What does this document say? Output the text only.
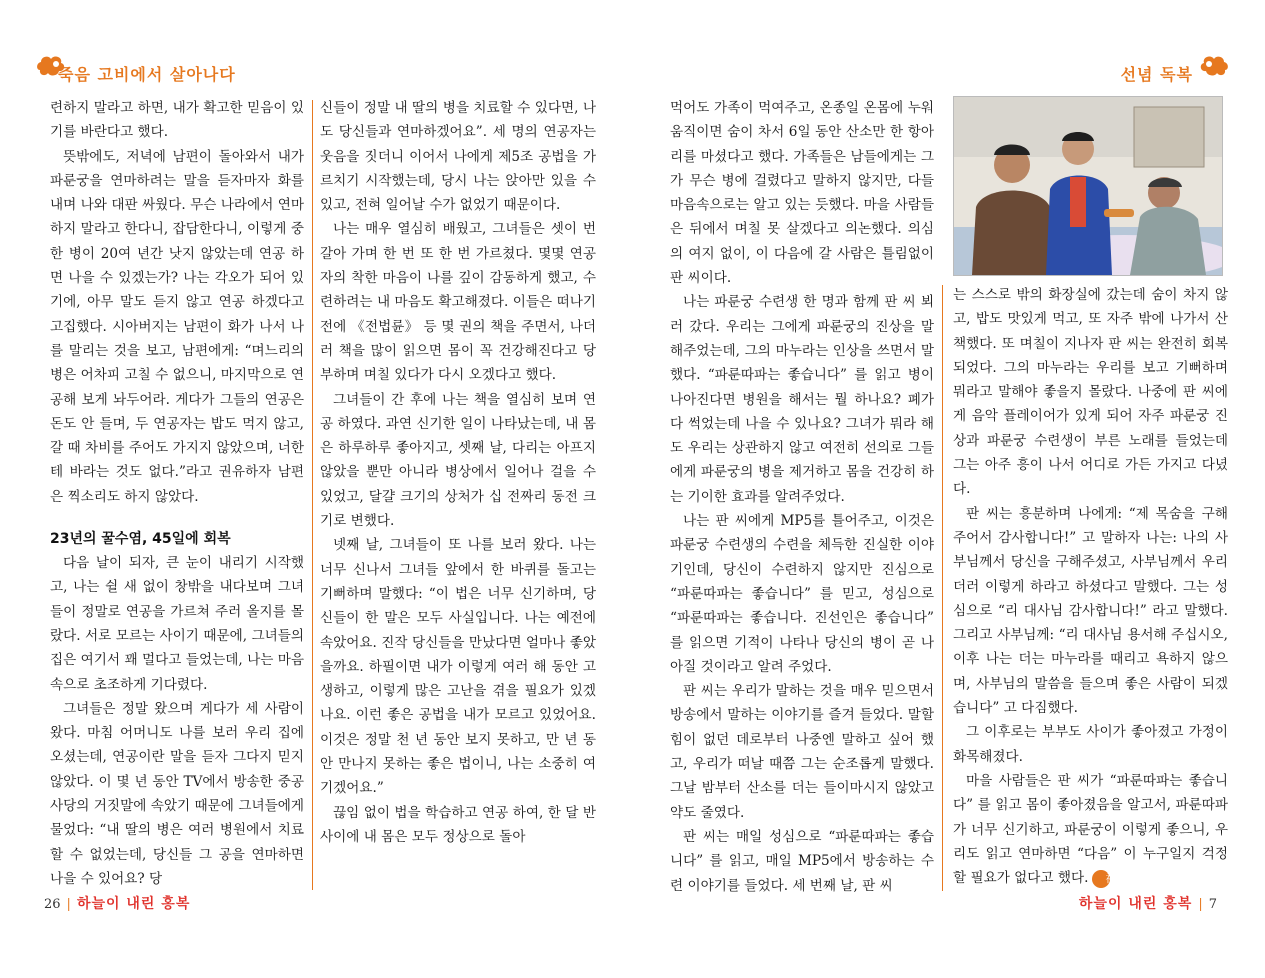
죽음 고비에서 살아나다

련하지 말라고 하면, 내가 확고한 믿음이 있기를 바란다고 했다.

뜻밖에도, 저녁에 남편이 돌아와서 내가 파룬궁을 연마하려는 말을 듣자마자 화를 내며 나와 대판 싸웠다. 무슨 나라에서 연마하지 말라고 한다니, 잡담한다니, 이렇게 중한 병이 20여 년간 낫지 않았는데 연공 하면 나을 수 있겠는가? 나는 각오가 되어 있기에, 아무 말도 듣지 않고 연공 하겠다고 고집했다. 시아버지는 남편이 화가 나서 나를 말리는 것을 보고, 남편에게: “며느리의 병은 어차피 고칠 수 없으니, 마지막으로 연공해 보게 놔두어라. 게다가 그들의 연공은 돈도 안 들며, 두 연공자는 밥도 먹지 않고, 갈 때 차비를 주어도 가지지 않았으며, 너한테 바라는 것도 없다.”라고 권유하자 남편은 찍소리도 하지 않았다.

23년의 꿀수염, 45일에 회복

다음 날이 되자, 큰 눈이 내리기 시작했고, 나는 쉴 새 없이 창밖을 내다보며 그녀들이 정말로 연공을 가르쳐 주러 올지를 몰랐다. 서로 모르는 사이기 때문에, 그녀들의 집은 여기서 꽤 멀다고 들었는데, 나는 마음속으로 초조하게 기다렸다.

그녀들은 정말 왔으며 게다가 세 사람이 왔다. 마침 어머니도 나를 보러 우리 집에 오셨는데, 연공이란 말을 듣자 그다지 믿지 않았다. 이 몇 년 동안 TV에서 방송한 중공사당의 거짓말에 속았기 때문에 그녀들에게 물었다: “내 딸의 병은 여러 병원에서 치료할 수 없었는데, 당신들 그 공을 연마하면 나을 수 있어요? 당

신들이 정말 내 딸의 병을 치료할 수 있다면, 나도 당신들과 연마하겠어요”. 세 명의 연공자는 웃음을 짓더니 이어서 나에게 제5조 공법을 가르치기 시작했는데, 당시 나는 앉아만 있을 수 있고, 전혀 일어날 수가 없었기 때문이다.

나는 매우 열심히 배웠고, 그녀들은 셋이 번갈아 가며 한 번 또 한 번 가르쳤다. 몇몇 연공자의 착한 마음이 나를 깊이 감동하게 했고, 수련하려는 내 마음도 확고해졌다. 이들은 떠나기 전에 《전법륜》 등 몇 권의 책을 주면서, 나더러 책을 많이 읽으면 몸이 꼭 건강해진다고 당부하며 며칠 있다가 다시 오겠다고 했다.

그녀들이 간 후에 나는 책을 열심히 보며 연공 하였다. 과연 신기한 일이 나타났는데, 내 몸은 하루하루 좋아지고, 셋째 날, 다리는 아프지 않았을 뿐만 아니라 병상에서 일어나 걸을 수 있었고, 달걀 크기의 상처가 십 전짜리 동전 크기로 변했다.

넷째 날, 그녀들이 또 나를 보러 왔다. 나는 너무 신나서 그녀들 앞에서 한 바퀴를 돌고는 기뻐하며 말했다: “이 법은 너무 신기하며, 당신들이 한 말은 모두 사실입니다. 나는 예전에 속았어요. 진작 당신들을 만났다면 얼마나 좋았을까요. 하필이면 내가 이렇게 여러 해 동안 고생하고, 이렇게 많은 고난을 겪을 필요가 있겠나요. 이런 좋은 공법을 내가 모르고 있었어요. 이것은 정말 천 년 동안 보지 못하고, 만 년 동안 만나지 못하는 좋은 법이니, 나는 소중히 여기겠어요.”

끊임 없이 법을 학습하고 연공 하여, 한 달 반 사이에 내 몸은 모두 정상으로 돌아

26 | 하늘이 내린 홍복
선념 독복

먹어도 가족이 먹여주고, 온종일 온몸에 누워 움직이면 숨이 차서 6일 동안 산소만 한 항아리를 마셨다고 했다. 가족들은 남들에게는 그가 무슨 병에 걸렸다고 말하지 않지만, 다들 마음속으로는 알고 있는 듯했다. 마을 사람들은 뒤에서 며칠 못 살겠다고 의논했다. 의심의 여지 없이, 이 다음에 갈 사람은 틀림없이 판 씨이다.

나는 파룬궁 수련생 한 명과 함께 판 씨 뵈러 갔다. 우리는 그에게 파룬궁의 진상을 말해주었는데, 그의 마누라는 인상을 쓰면서 말했다. “파룬따파는 좋습니다” 를 읽고 병이 나아진다면 병원을 해서는 뭘 하나요? 폐가 다 썩었는데 나을 수 있나요? 그녀가 뭐라 해도 우리는 상관하지 않고 여전히 선의로 그들에게 파룬궁의 병을 제거하고 몸을 건강히 하는 기이한 효과를 알려주었다.

나는 판 씨에게 MP5를 틀어주고, 이것은 파룬궁 수련생의 수련을 체득한 진실한 이야기인데, 당신이 수련하지 않지만 진심으로 “파룬따파는 좋습니다” 를 믿고, 성심으로 “파룬따파는 좋습니다. 진선인은 좋습니다” 를 읽으면 기적이 나타나 당신의 병이 곧 나아질 것이라고 알려 주었다.

판 씨는 우리가 말하는 것을 매우 믿으면서 방송에서 말하는 이야기를 즐겨 들었다. 말할 힘이 없던 데로부터 나중엔 말하고 싶어 했고, 우리가 떠날 때쯤 그는 순조롭게 말했다. 그날 밤부터 산소를 더는 들이마시지 않았고 약도 줄였다.

판 씨는 매일 성심으로 “파룬따파는 좋습니다” 를 읽고, 매일 MP5에서 방송하는 수련 이야기를 들었다. 세 번째 날, 판 씨

는 스스로 밖의 화장실에 갔는데 숨이 차지 않고, 밥도 맛있게 먹고, 또 자주 밖에 나가서 산책했다. 또 며칠이 지나자 판 씨는 완전히 회복되었다. 그의 마누라는 우리를 보고 기뻐하며 뭐라고 말해야 좋을지 몰랐다. 나중에 판 씨에게 음악 플레이어가 있게 되어 자주 파룬궁 진상과 파룬궁 수련생이 부른 노래를 들었는데 그는 아주 흥이 나서 어디로 가든 가지고 다녔다.

판 씨는 흥분하며 나에게: “제 목숨을 구해 주어서 감사합니다!” 고 말하자 나는: 나의 사부님께서 당신을 구해주셨고, 사부님께서 우리더러 이렇게 하라고 하셨다고 말했다. 그는 성심으로 “리 대사님 감사합니다!” 라고 말했다. 그리고 사부님께: “리 대사님 용서해 주십시오, 이후 나는 더는 마누라를 때리고 욕하지 않으며, 사부님의 말씀을 들으며 좋은 사람이 되겠습니다” 고 다짐했다.

그 이후로는 부부도 사이가 좋아졌고 가정이 화목해졌다.

마을 사람들은 판 씨가 “파룬따파는 좋습니다” 를 읽고 몸이 좋아졌음을 알고서, 파룬따파가 너무 신기하고, 파룬궁이 이렇게 좋으니, 우리도 읽고 연마하면 “다음” 이 누구일지 걱정할 필요가 없다고 했다. 福

하늘이 내린 홍복 | 7
